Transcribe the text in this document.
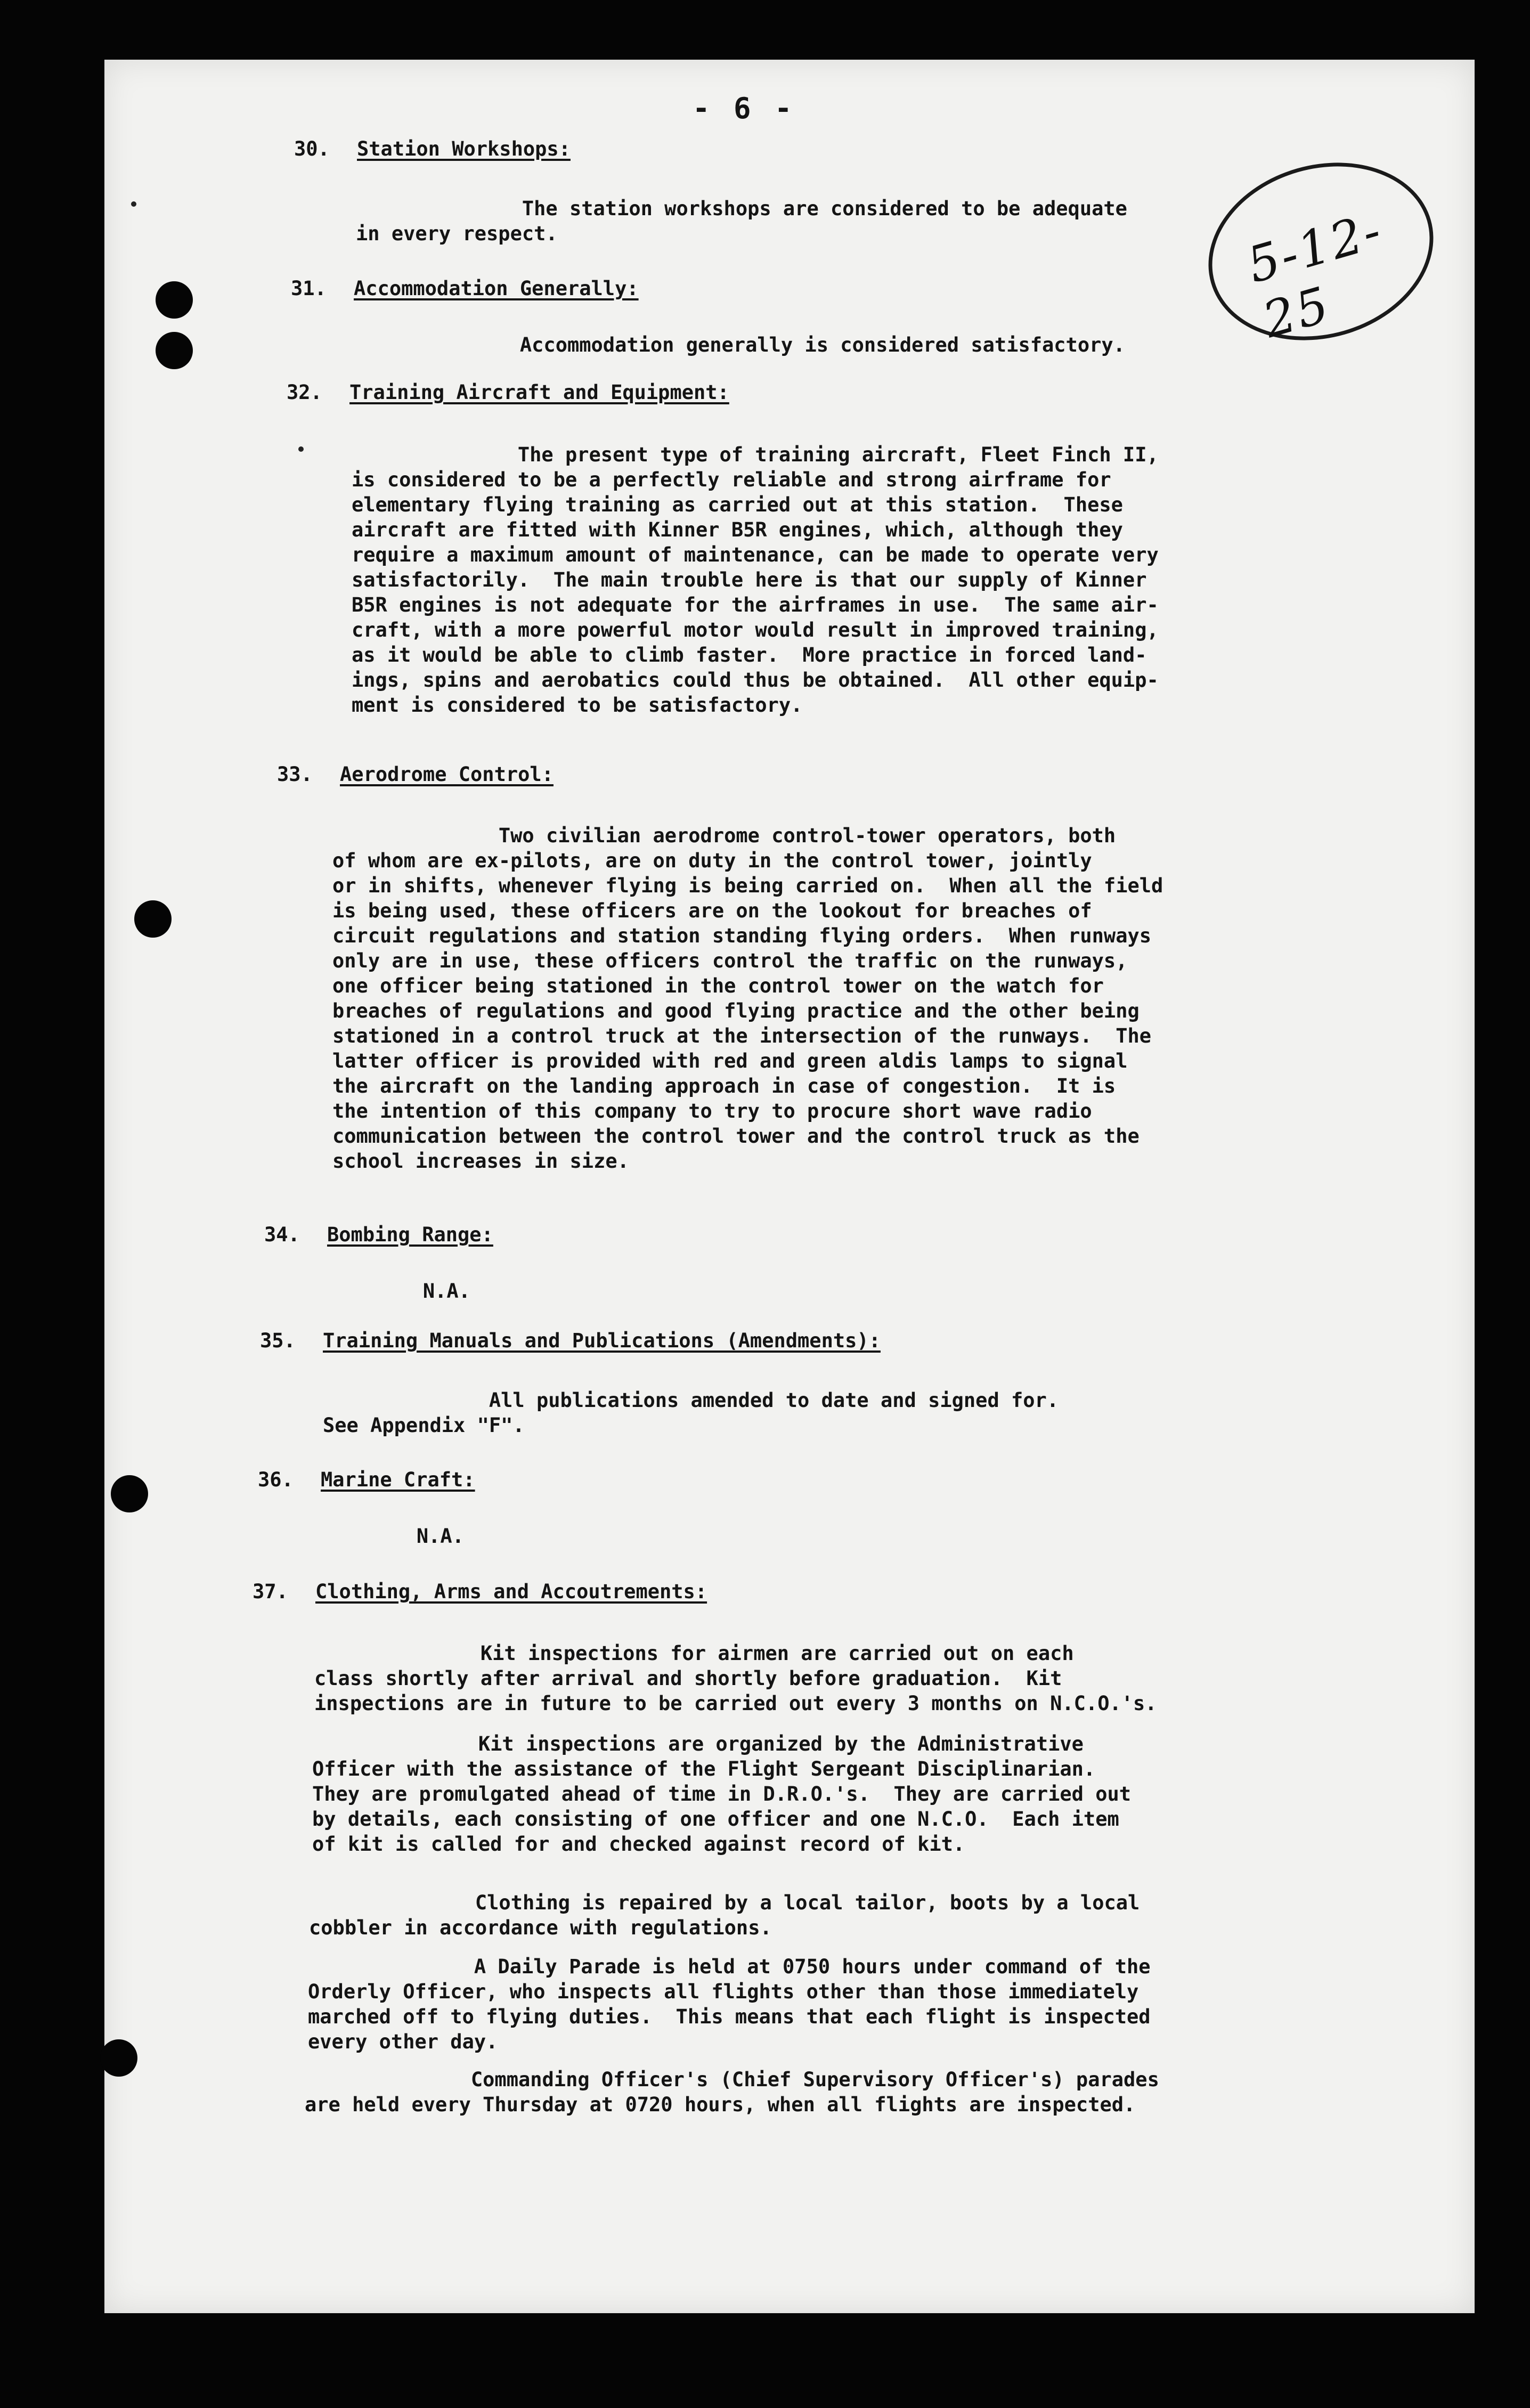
- 6 -
5-12-25
30. Station Workshops:
The station workshops are considered to be adequate
in every respect.
31. Accommodation Generally:
Accommodation generally is considered satisfactory.
32. Training Aircraft and Equipment:
The present type of training aircraft, Fleet Finch II,
is considered to be a perfectly reliable and strong airframe for
elementary flying training as carried out at this station.  These
aircraft are fitted with Kinner B5R engines, which, although they
require a maximum amount of maintenance, can be made to operate very
satisfactorily.  The main trouble here is that our supply of Kinner
B5R engines is not adequate for the airframes in use.  The same air-
craft, with a more powerful motor would result in improved training,
as it would be able to climb faster.  More practice in forced land-
ings, spins and aerobatics could thus be obtained.  All other equip-
ment is considered to be satisfactory.
33. Aerodrome Control:
Two civilian aerodrome control-tower operators, both
of whom are ex-pilots, are on duty in the control tower, jointly
or in shifts, whenever flying is being carried on.  When all the field
is being used, these officers are on the lookout for breaches of
circuit regulations and station standing flying orders.  When runways
only are in use, these officers control the traffic on the runways,
one officer being stationed in the control tower on the watch for
breaches of regulations and good flying practice and the other being
stationed in a control truck at the intersection of the runways.  The
latter officer is provided with red and green aldis lamps to signal
the aircraft on the landing approach in case of congestion.  It is
the intention of this company to try to procure short wave radio
communication between the control tower and the control truck as the
school increases in size.
34. Bombing Range:
N.A.
35. Training Manuals and Publications (Amendments):
All publications amended to date and signed for.
See Appendix "F".
36. Marine Craft:
N.A.
37. Clothing, Arms and Accoutrements:
Kit inspections for airmen are carried out on each
class shortly after arrival and shortly before graduation.  Kit
inspections are in future to be carried out every 3 months on N.C.O.'s.
Kit inspections are organized by the Administrative
Officer with the assistance of the Flight Sergeant Disciplinarian.
They are promulgated ahead of time in D.R.O.'s.  They are carried out
by details, each consisting of one officer and one N.C.O.  Each item
of kit is called for and checked against record of kit.
Clothing is repaired by a local tailor, boots by a local
cobbler in accordance with regulations.
A Daily Parade is held at 0750 hours under command of the
Orderly Officer, who inspects all flights other than those immediately
marched off to flying duties.  This means that each flight is inspected
every other day.
Commanding Officer's (Chief Supervisory Officer's) parades
are held every Thursday at 0720 hours, when all flights are inspected.
